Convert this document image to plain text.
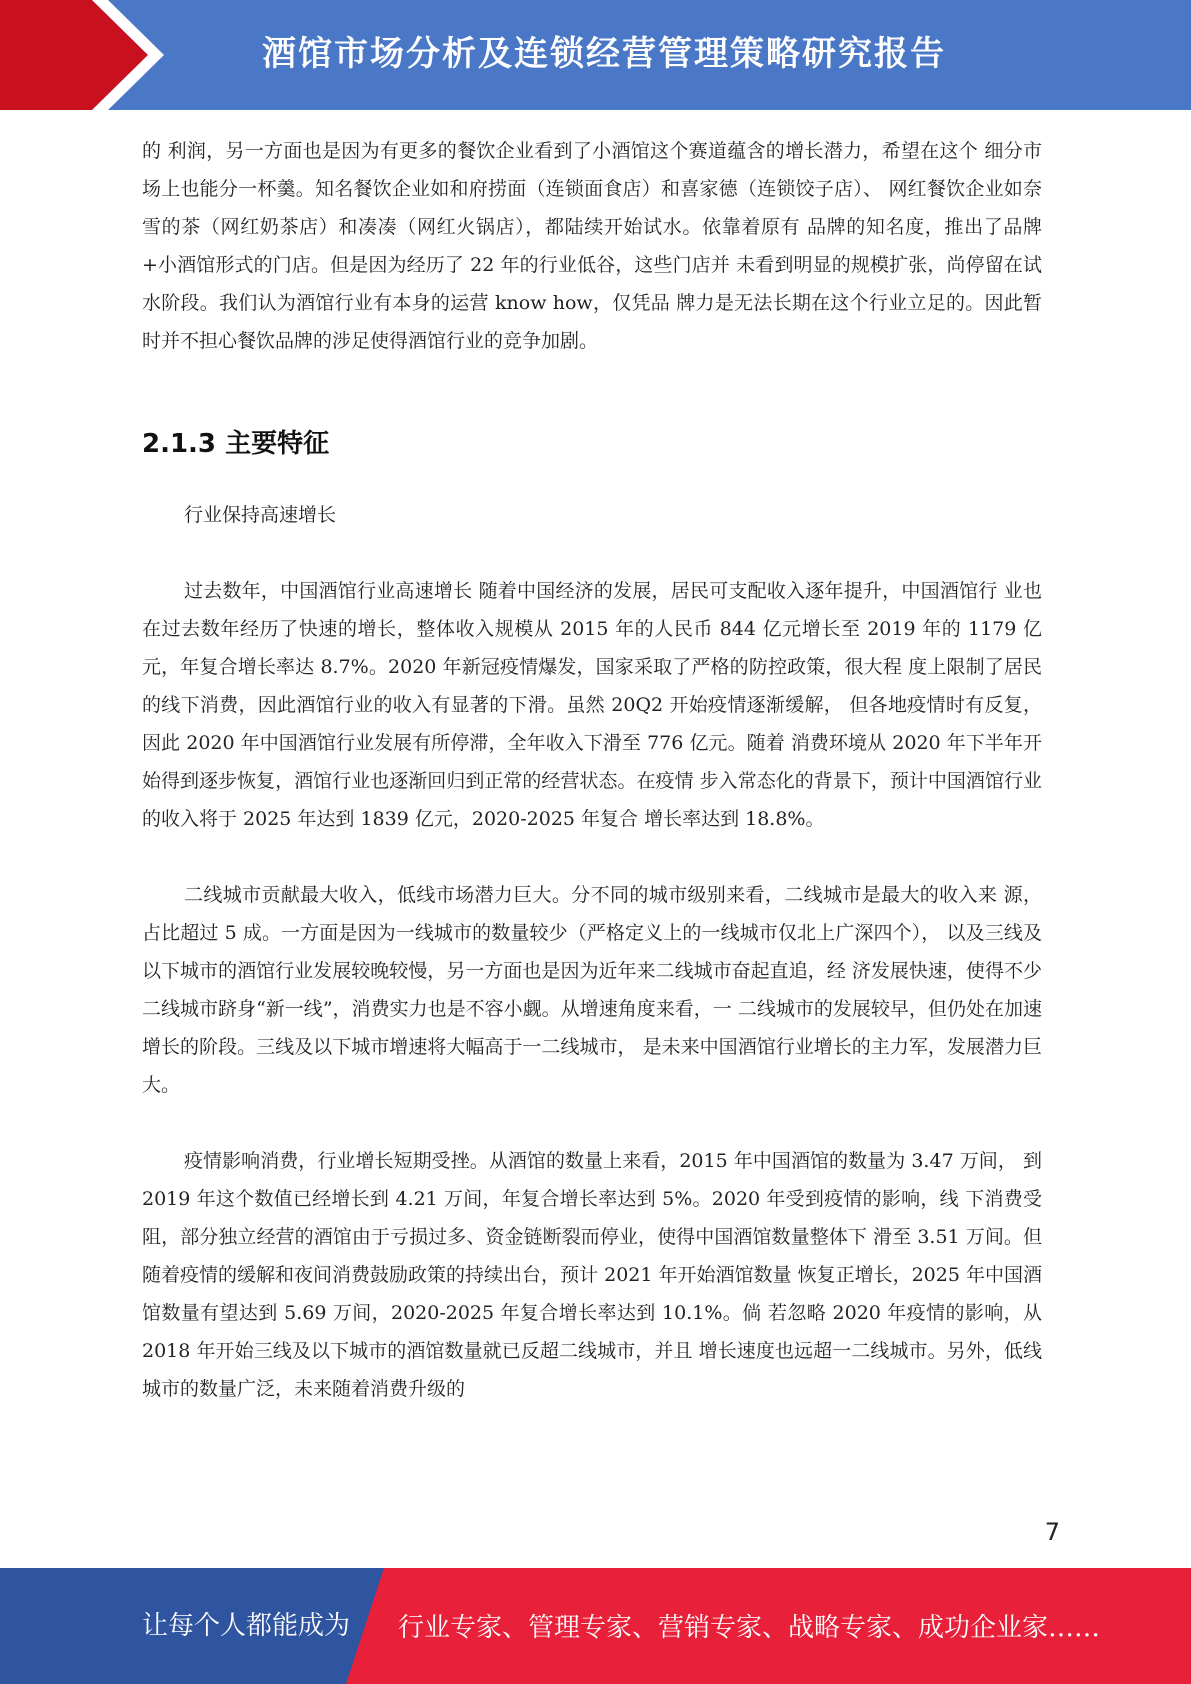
酒馆市场分析及连锁经营管理策略研究报告

的 利润，另一方面也是因为有更多的餐饮企业看到了小酒馆这个赛道蕴含的增长潜力，希望在这个 细分市场上也能分一杯羹。知名餐饮企业如和府捞面（连锁面食店）和喜家德（连锁饺子店）、 网红餐饮企业如奈雪的茶（网红奶茶店）和凑凑（网红火锅店），都陆续开始试水。依靠着原有 品牌的知名度，推出了品牌+小酒馆形式的门店。但是因为经历了 22 年的行业低谷，这些门店并 未看到明显的规模扩张，尚停留在试水阶段。我们认为酒馆行业有本身的运营 know how，仅凭品 牌力是无法长期在这个行业立足的。因此暂时并不担心餐饮品牌的涉足使得酒馆行业的竞争加剧。

2.1.3 主要特征

行业保持高速增长

过去数年，中国酒馆行业高速增长 随着中国经济的发展，居民可支配收入逐年提升，中国酒馆行 业也在过去数年经历了快速的增长，整体收入规模从 2015 年的人民币 844 亿元增长至 2019 年的 1179 亿元，年复合增长率达 8.7%。2020 年新冠疫情爆发，国家采取了严格的防控政策，很大程 度上限制了居民的线下消费，因此酒馆行业的收入有显著的下滑。虽然 20Q2 开始疫情逐渐缓解， 但各地疫情时有反复，因此 2020 年中国酒馆行业发展有所停滞，全年收入下滑至 776 亿元。随着 消费环境从 2020 年下半年开始得到逐步恢复，酒馆行业也逐渐回归到正常的经营状态。在疫情 步入常态化的背景下，预计中国酒馆行业的收入将于 2025 年达到 1839 亿元，2020-2025 年复合 增长率达到 18.8%。

二线城市贡献最大收入，低线市场潜力巨大。分不同的城市级别来看，二线城市是最大的收入来 源，占比超过 5 成。一方面是因为一线城市的数量较少（严格定义上的一线城市仅北上广深四个）， 以及三线及以下城市的酒馆行业发展较晚较慢，另一方面也是因为近年来二线城市奋起直追，经 济发展快速，使得不少二线城市跻身“新一线”，消费实力也是不容小觑。从增速角度来看，一 二线城市的发展较早，但仍处在加速增长的阶段。三线及以下城市增速将大幅高于一二线城市， 是未来中国酒馆行业增长的主力军，发展潜力巨大。

疫情影响消费，行业增长短期受挫。从酒馆的数量上来看，2015 年中国酒馆的数量为 3.47 万间， 到 2019 年这个数值已经增长到 4.21 万间，年复合增长率达到 5%。2020 年受到疫情的影响，线 下消费受阻，部分独立经营的酒馆由于亏损过多、资金链断裂而停业，使得中国酒馆数量整体下 滑至 3.51 万间。但随着疫情的缓解和夜间消费鼓励政策的持续出台，预计 2021 年开始酒馆数量 恢复正增长，2025 年中国酒馆数量有望达到 5.69 万间，2020-2025 年复合增长率达到 10.1%。倘 若忽略 2020 年疫情的影响，从 2018 年开始三线及以下城市的酒馆数量就已反超二线城市，并且 增长速度也远超一二线城市。另外，低线城市的数量广泛，未来随着消费升级的

7
让每个人都能成为 行业专家、管理专家、营销专家、战略专家、成功企业家……
